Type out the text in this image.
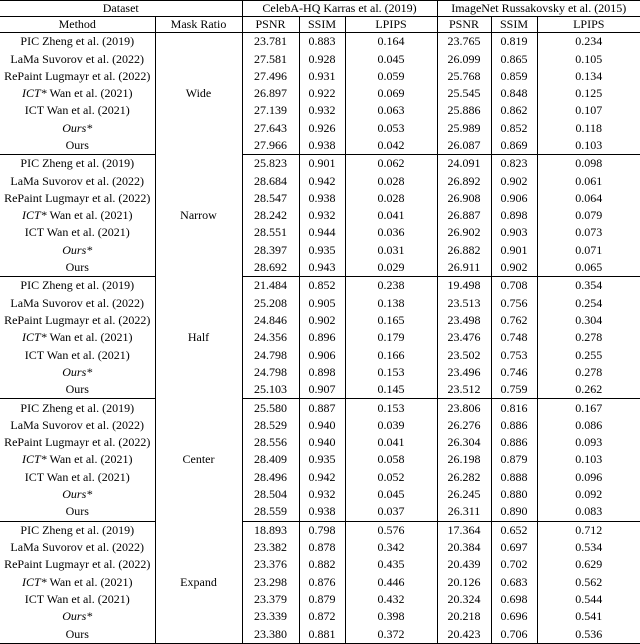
Dataset		CelebA-HQ Karras et al. (2019)			ImageNet Russakovsky et al. (2015)		
Method	Mask Ratio	PSNR	SSIM	LPIPS	PSNR	SSIM	LPIPS
PIC Zheng et al. (2019)	Wide	23.781	0.883	0.164	23.765	0.819	0.234
LaMa Suvorov et al. (2022)		27.581	0.928	0.045	26.099	0.865	0.105
RePaint Lugmayr et al. (2022)		27.496	0.931	0.059	25.768	0.859	0.134
ICT* Wan et al. (2021)		26.897	0.922	0.069	25.545	0.848	0.125
ICT Wan et al. (2021)		27.139	0.932	0.063	25.886	0.862	0.107
Ours*		27.643	0.926	0.053	25.989	0.852	0.118
Ours		27.966	0.938	0.042	26.087	0.869	0.103
PIC Zheng et al. (2019)	Narrow	25.823	0.901	0.062	24.091	0.823	0.098
LaMa Suvorov et al. (2022)		28.684	0.942	0.028	26.892	0.902	0.061
RePaint Lugmayr et al. (2022)		28.547	0.938	0.028	26.908	0.906	0.064
ICT* Wan et al. (2021)		28.242	0.932	0.041	26.887	0.898	0.079
ICT Wan et al. (2021)		28.551	0.944	0.036	26.902	0.903	0.073
Ours*		28.397	0.935	0.031	26.882	0.901	0.071
Ours		28.692	0.943	0.029	26.911	0.902	0.065
PIC Zheng et al. (2019)	Half	21.484	0.852	0.238	19.498	0.708	0.354
LaMa Suvorov et al. (2022)		25.208	0.905	0.138	23.513	0.756	0.254
RePaint Lugmayr et al. (2022)		24.846	0.902	0.165	23.498	0.762	0.304
ICT* Wan et al. (2021)		24.356	0.896	0.179	23.476	0.748	0.278
ICT Wan et al. (2021)		24.798	0.906	0.166	23.502	0.753	0.255
Ours*		24.798	0.898	0.153	23.496	0.746	0.278
Ours		25.103	0.907	0.145	23.512	0.759	0.262
PIC Zheng et al. (2019)	Center	25.580	0.887	0.153	23.806	0.816	0.167
LaMa Suvorov et al. (2022)		28.529	0.940	0.039	26.276	0.886	0.086
RePaint Lugmayr et al. (2022)		28.556	0.940	0.041	26.304	0.886	0.093
ICT* Wan et al. (2021)		28.409	0.935	0.058	26.198	0.879	0.103
ICT Wan et al. (2021)		28.496	0.942	0.052	26.282	0.888	0.096
Ours*		28.504	0.932	0.045	26.245	0.880	0.092
Ours		28.559	0.938	0.037	26.311	0.890	0.083
PIC Zheng et al. (2019)	Expand	18.893	0.798	0.576	17.364	0.652	0.712
LaMa Suvorov et al. (2022)		23.382	0.878	0.342	20.384	0.697	0.534
RePaint Lugmayr et al. (2022)		23.376	0.882	0.435	20.439	0.702	0.629
ICT* Wan et al. (2021)		23.298	0.876	0.446	20.126	0.683	0.562
ICT Wan et al. (2021)		23.379	0.879	0.432	20.324	0.698	0.544
Ours*		23.339	0.872	0.398	20.218	0.696	0.541
Ours		23.380	0.881	0.372	20.423	0.706	0.536
